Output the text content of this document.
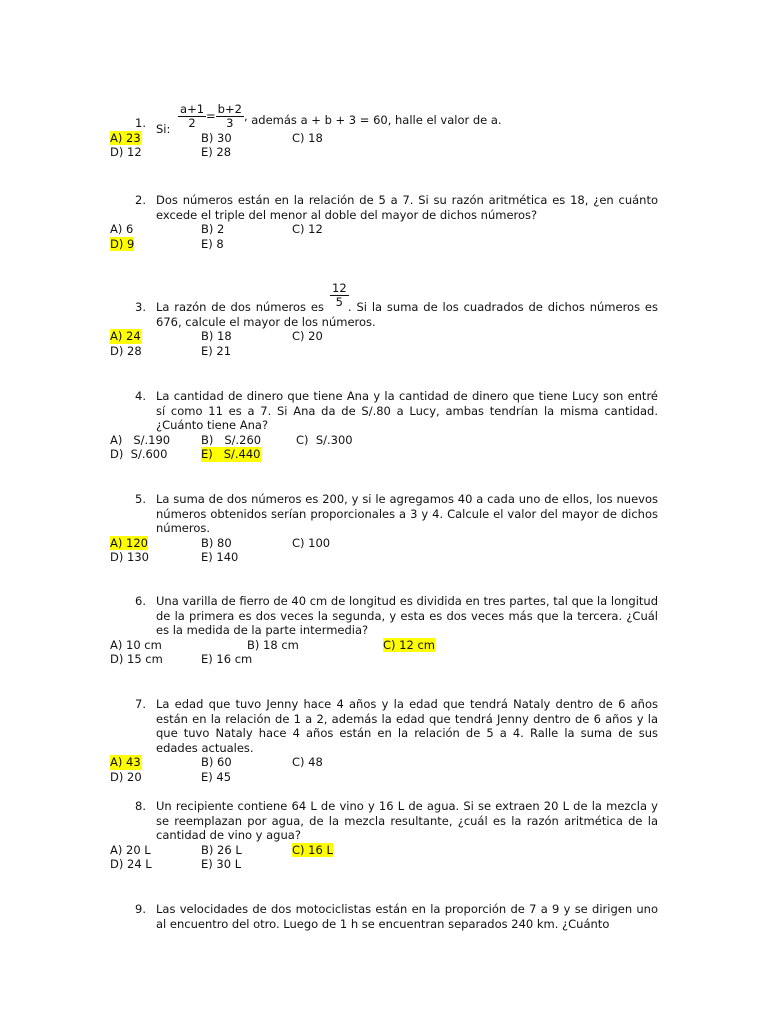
1. Si: $\frac{a+1}{2} = \frac{b+2}{3}$ , además a + b + 3 = 60, halle el valor de a.
A) 23	B) 30	C) 18
D) 12	E) 28
2. Dos números están en la relación de 5 a 7. Si su razón aritmética es 18, ¿en cuánto excede el triple del menor al doble del mayor de dichos números?
A) 6	B) 2	C) 12
D) 9	E) 8
3.	$\frac{12}{5}$
La razón de dos números es . Si la suma de los cuadrados de dichos números es 676, calcule el mayor de los números.
A) 24	B) 18	C) 20
D) 28	E) 21
4. La cantidad de dinero que tiene Ana y la cantidad de dinero que tiene Lucy son entré sí como 11 es a 7. Si Ana da de S/.80 a Lucy, ambas tendrían la misma cantidad. ¿Cuánto tiene Ana?
A)   S/.190	B)   S/.260	C)  S/.300
D)  S/.600	E)   S/.440
5. La suma de dos números es 200, y si le agregamos 40 a cada uno de ellos, los nuevos números obtenidos serían proporcionales a 3 y 4. Calcule el valor del mayor de dichos números.
A) 120	B) 80	C) 100
D) 130	E) 140
6. Una varilla de fierro de 40 cm de longitud es dividida en tres partes, tal que la longitud de la primera es dos veces la segunda, y esta es dos veces más que la tercera. ¿Cuál es la medida de la parte intermedia?
A) 10 cm	B) 18 cm	C) 12 cm
D) 15 cm	E) 16 cm
7. La edad que tuvo Jenny hace 4 años y la edad que tendrá Nataly dentro de 6 años están en la relación de 1 a 2, además la edad que tendrá Jenny dentro de 6 años y la que tuvo Nataly hace 4 años están en la relación de 5 a 4. Ralle la suma de sus edades actuales.
A) 43	B) 60	C) 48
D) 20	E) 45
8. Un recipiente contiene 64 L de vino y 16 L de agua. Si se extraen 20 L de la mezcla y se reemplazan por agua, de la mezcla resultante, ¿cuál es la razón aritmética de la cantidad de vino y agua?
A) 20 L	B) 26 L	C) 16 L
D) 24 L	E) 30 L
9. Las velocidades de dos motociclistas están en la proporción de 7 a 9 y se dirigen uno al encuentro del otro. Luego de 1 h se encuentran separados 240 km. ¿Cuánto
